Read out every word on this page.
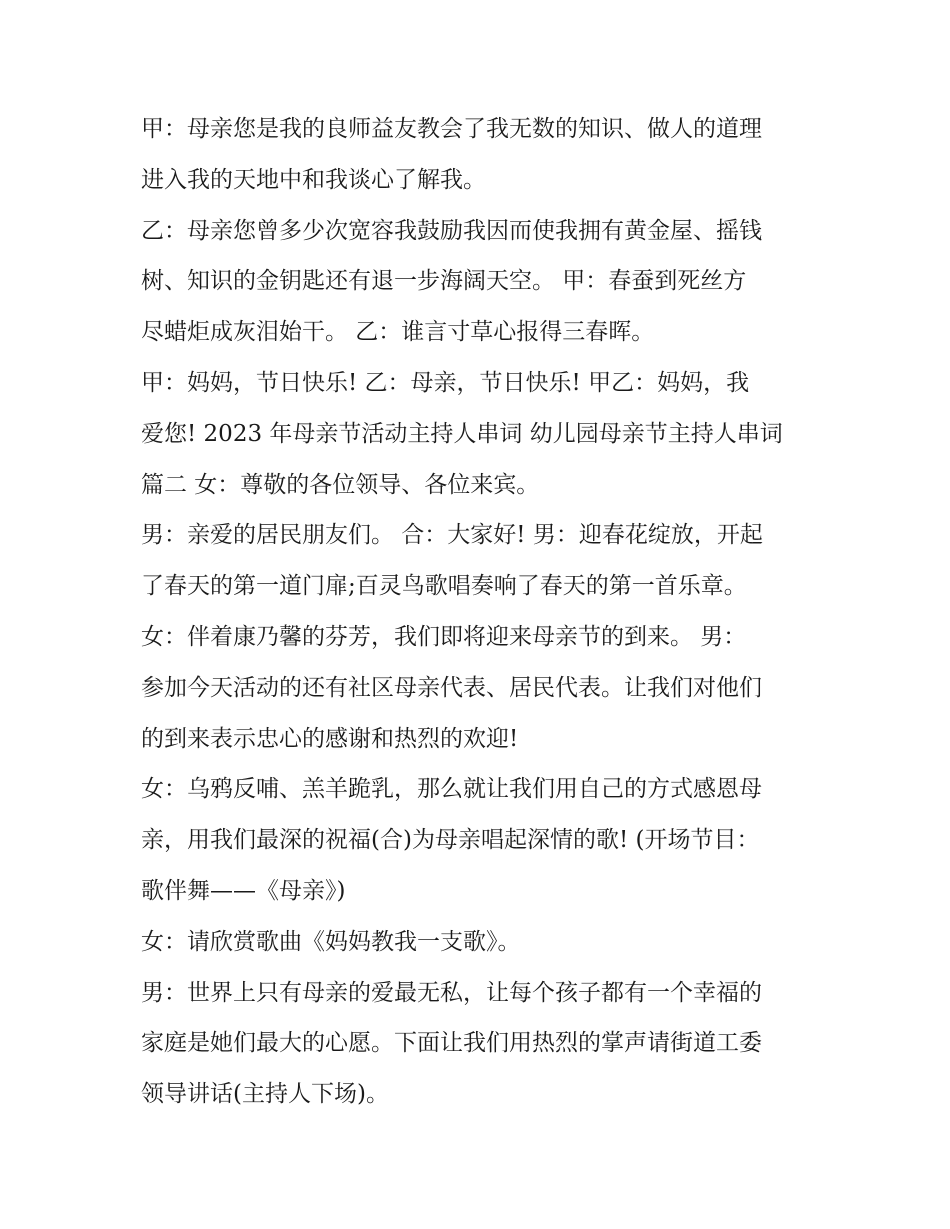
甲：母亲您是我的良师益友教会了我无数的知识、做人的道理
进入我的天地中和我谈心了解我。
乙：母亲您曾多少次宽容我鼓励我因而使我拥有黄金屋、摇钱
树、知识的金钥匙还有退一步海阔天空。 甲：春蚕到死丝方
尽蜡炬成灰泪始干。 乙：谁言寸草心报得三春晖。
甲：妈妈，节日快乐! 乙：母亲，节日快乐! 甲乙：妈妈，我
爱您! 2023 年母亲节活动主持人串词 幼儿园母亲节主持人串词
篇二 女：尊敬的各位领导、各位来宾。
男：亲爱的居民朋友们。 合：大家好! 男：迎春花绽放，开起
了春天的第一道门扉;百灵鸟歌唱奏响了春天的第一首乐章。
女：伴着康乃馨的芬芳，我们即将迎来母亲节的到来。 男：
参加今天活动的还有社区母亲代表、居民代表。让我们对他们
的到来表示忠心的感谢和热烈的欢迎!
女：乌鸦反哺、羔羊跪乳，那么就让我们用自己的方式感恩母
亲，用我们最深的祝福(合)为母亲唱起深情的歌! (开场节目：
歌伴舞——《母亲》)
女：请欣赏歌曲《妈妈教我一支歌》。
男：世界上只有母亲的爱最无私，让每个孩子都有一个幸福的
家庭是她们最大的心愿。下面让我们用热烈的掌声请街道工委
领导讲话(主持人下场)。
